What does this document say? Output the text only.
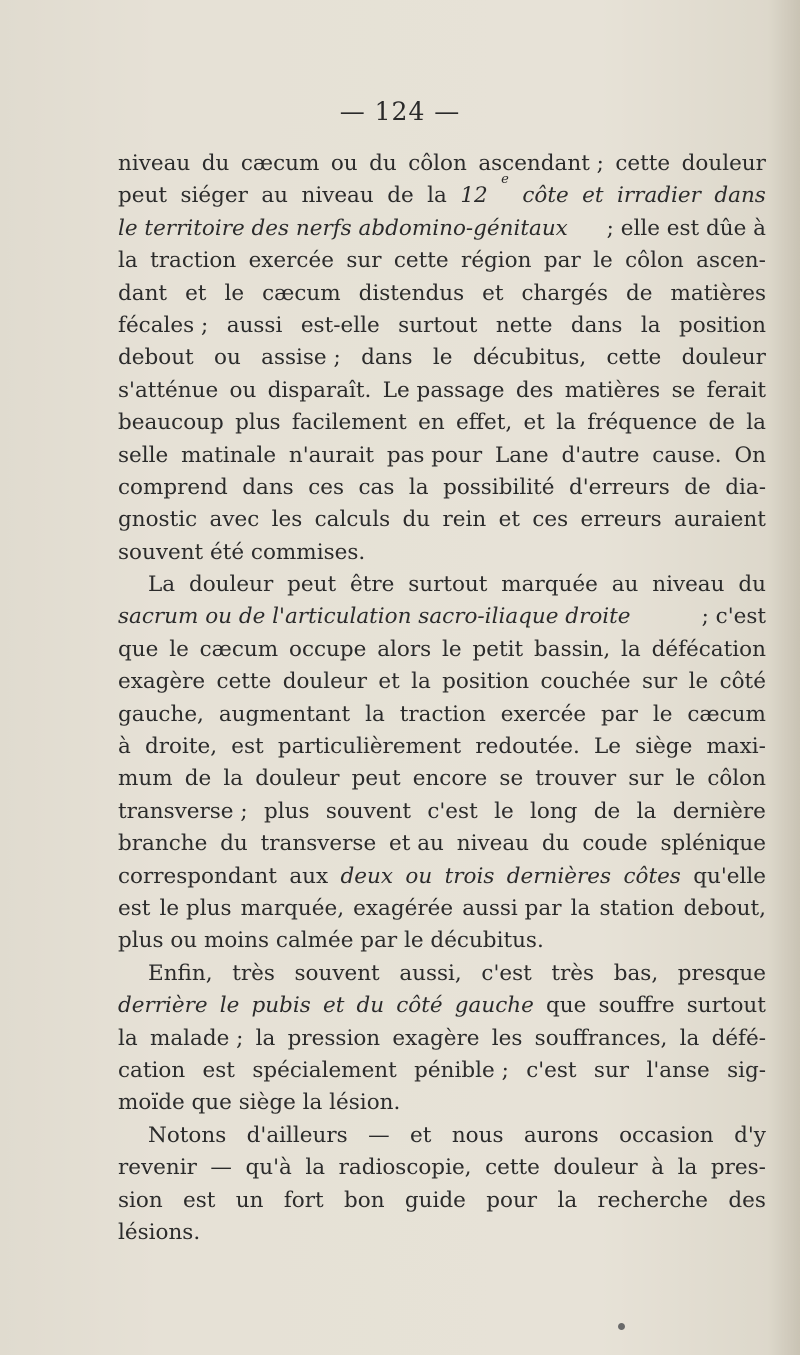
— 124 —
niveau du cæcum ou du côlon ascendant ; cette douleur
peut siéger au niveau de la 12
e
côte et irradier dans
le territoire des nerfs abdomino-génitaux ; elle est dûe à
la traction exercée sur cette région par le côlon ascen-
dant et le cæcum distendus et chargés de matières
fécales ; aussi est-elle surtout nette dans la position
debout ou assise ; dans le décubitus, cette douleur
s'atténue ou disparaît. Le passage des matières se ferait
beaucoup plus facilement en effet, et la fréquence de la
selle matinale n'aurait pas pour Lane d'autre cause. On
comprend dans ces cas la possibilité d'erreurs de dia-
gnostic avec les calculs du rein et ces erreurs auraient
souvent été commises.
La douleur peut être surtout marquée au niveau du
sacrum ou de l'articulation sacro-iliaque droite	; c'est
que le cæcum occupe alors le petit bassin, la défécation
exagère cette douleur et la position couchée sur le côté
gauche, augmentant la traction exercée par le cæcum
à droite, est particulièrement redoutée. Le siège maxi-
mum de la douleur peut encore se trouver sur le côlon
transverse ; plus souvent c'est le long de la dernière
branche du transverse et au niveau du coude splénique
correspondant aux deux ou trois dernières côtes qu'elle
est le plus marquée, exagérée aussi par la station debout,
plus ou moins calmée par le décubitus.
Enfin, très souvent aussi, c'est très bas, presque
derrière le pubis et du côté gauche que souffre surtout
la malade ; la pression exagère les souffrances, la défé-
cation est spécialement pénible ; c'est sur l'anse sig-
moïde que siège la lésion.
Notons d'ailleurs — et nous aurons occasion d'y
revenir — qu'à la radioscopie, cette douleur à la pres-
sion est un fort bon guide pour la recherche des
lésions.
